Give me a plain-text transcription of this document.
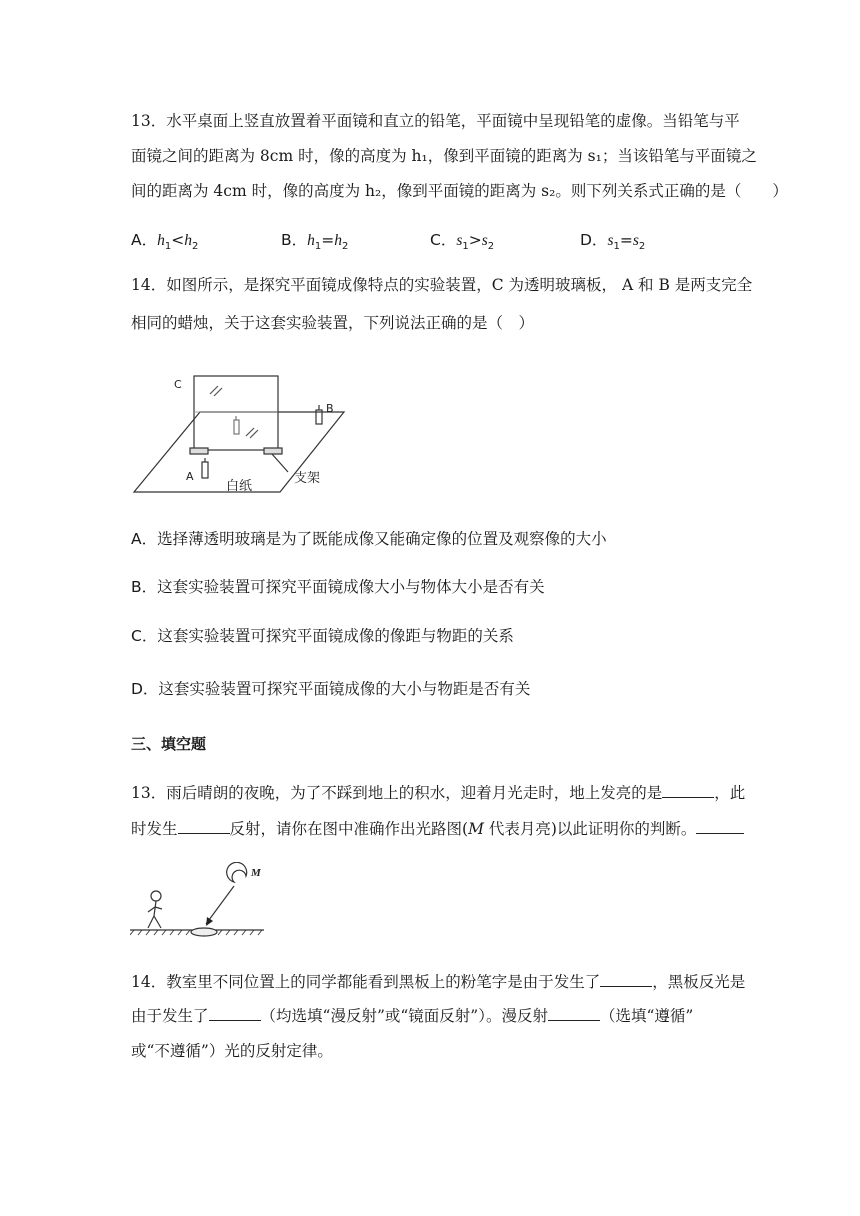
13．水平桌面上竖直放置着平面镜和直立的铅笔，平面镜中呈现铅笔的虚像。当铅笔与平
面镜之间的距离为 8cm 时，像的高度为 h₁，像到平面镜的距离为 s₁；当该铅笔与平面镜之
间的距离为 4cm 时，像的高度为 h₂，像到平面镜的距离为 s₂。则下列关系式正确的是（　　）
A．$h_1<h_2$	B．$h_1=h_2$	C．$s_1>s_2$	D．$s_1=s_2$
14．如图所示，是探究平面镜成像特点的实验装置，C 为透明玻璃板， A 和 B 是两支完全
相同的蜡烛，关于这套实验装置，下列说法正确的是（　）
C
A
B
白纸
支架
A．选择薄透明玻璃是为了既能成像又能确定像的位置及观察像的大小
B．这套实验装置可探究平面镜成像大小与物体大小是否有关
C．这套实验装置可探究平面镜成像的像距与物距的关系
D．这套实验装置可探究平面镜成像的大小与物距是否有关
三、填空题
13．雨后晴朗的夜晚，为了不踩到地上的积水，迎着月光走时，地上发亮的是	，此
时发生	反射，请你在图中准确作出光路图(M 代表月亮)以此证明你的判断。
M
14．教室里不同位置上的同学都能看到黑板上的粉笔字是由于发生了	，黑板反光是
由于发生了	（均选填“漫反射”或“镜面反射”）。漫反射	（选填“遵循”
或“不遵循”）光的反射定律。
